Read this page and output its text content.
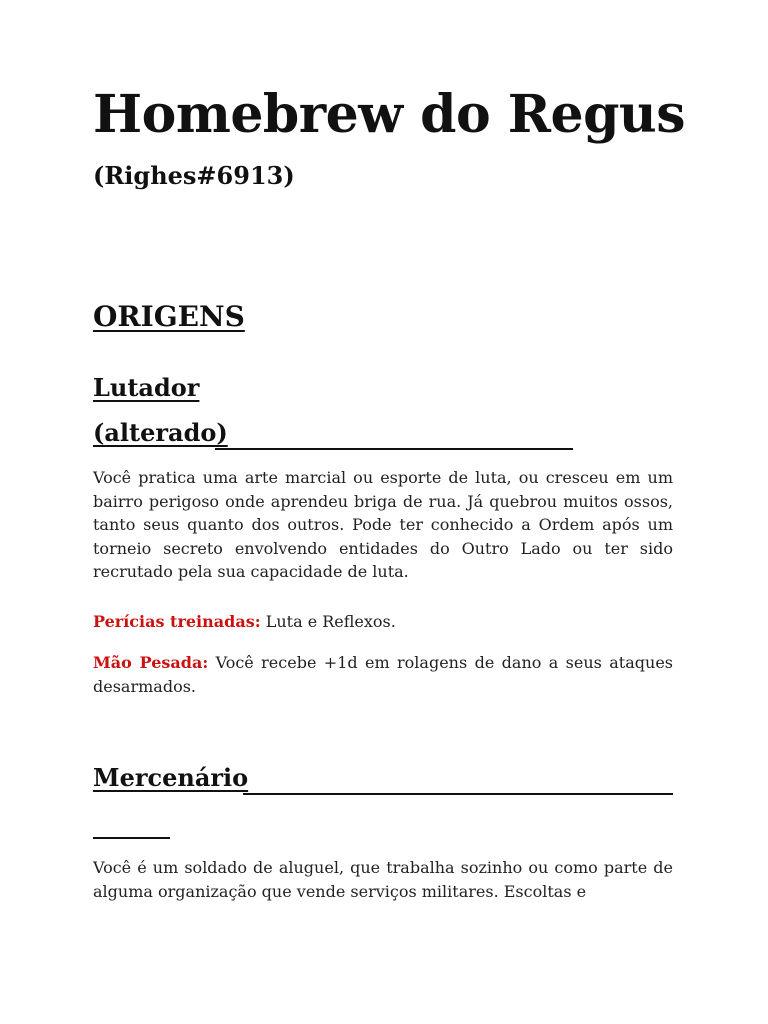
Homebrew do Regus
(Righes#6913)
ORIGENS
Lutador
(alterado)

Você pratica uma arte marcial ou esporte de luta, ou cresceu em um bairro perigoso onde aprendeu briga de rua. Já quebrou muitos ossos, tanto seus quanto dos outros. Pode ter conhecido a Ordem após um torneio secreto envolvendo entidades do Outro Lado ou ter sido recrutado pela sua capacidade de luta.

Perícias treinadas: Luta e Reflexos.

Mão Pesada: Você recebe +1d em rolagens de dano a seus ataques desarmados.

Mercenário

Você é um soldado de aluguel, que trabalha sozinho ou como parte de alguma organização que vende serviços militares. Escoltas e
